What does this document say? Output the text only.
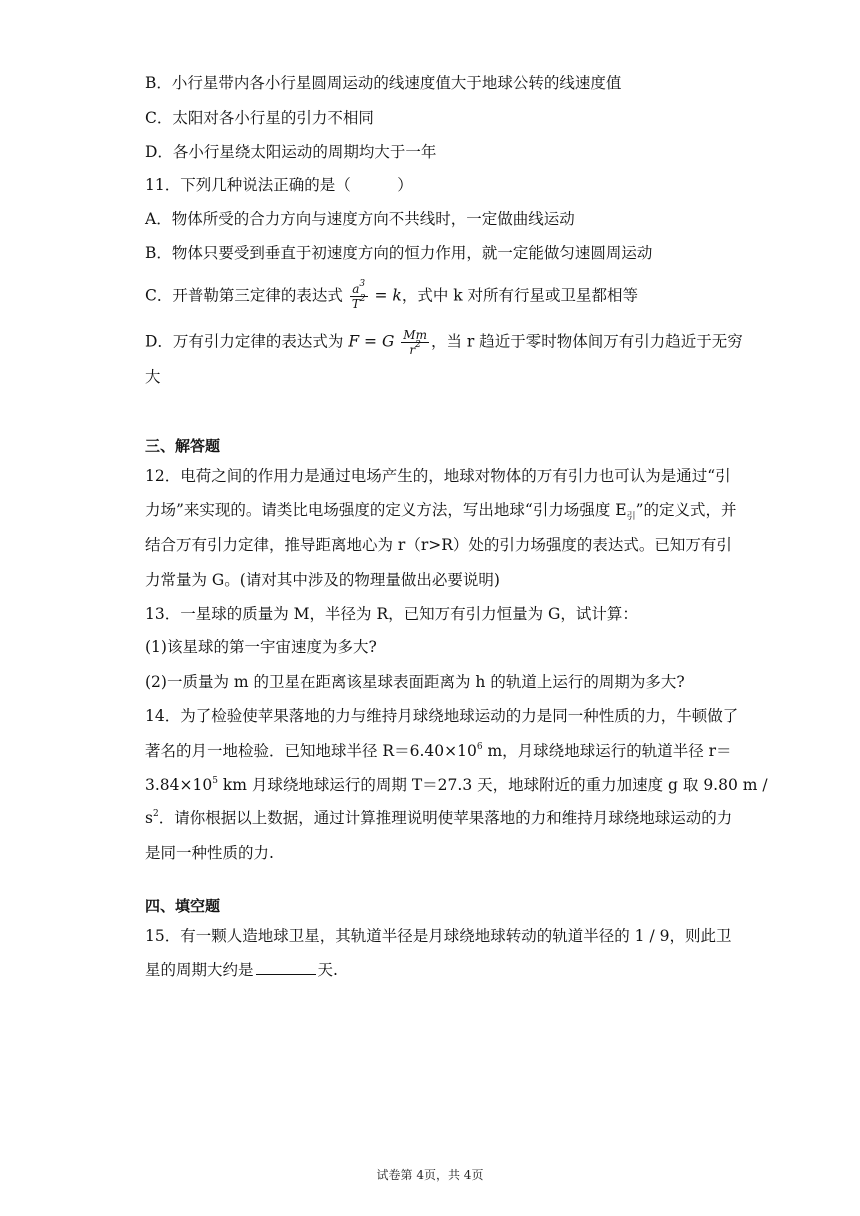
B．小行星带内各小行星圆周运动的线速度值大于地球公转的线速度值
C．太阳对各小行星的引力不相同
D．各小行星绕太阳运动的周期均大于一年
11．下列几种说法正确的是（　　　）
A．物体所受的合力方向与速度方向不共线时，一定做曲线运动
B．物体只要受到垂直于初速度方向的恒力作用，就一定能做匀速圆周运动
C．开普勒第三定律的表达式 $\frac{a^3}{T^2} = k$，式中 k 对所有行星或卫星都相等
D．万有引力定律的表达式为 F = G $\frac{Mm}{r^2}$ ，当 r 趋近于零时物体间万有引力趋近于无穷
大
三、解答题
12．电荷之间的作用力是通过电场产生的，地球对物体的万有引力也可认为是通过“引
力场”来实现的。请类比电场强度的定义方法，写出地球“引力场强度 $E_引$”的定义式，并
结合万有引力定律，推导距离地心为 r（r>R）处的引力场强度的表达式。已知万有引
力常量为 G。(请对其中涉及的物理量做出必要说明)
13．一星球的质量为 M，半径为 R，已知万有引力恒量为 G，试计算：
(1)该星球的第一宇宙速度为多大?
(2)一质量为 m 的卫星在距离该星球表面距离为 h 的轨道上运行的周期为多大?
14．为了检验使苹果落地的力与维持月球绕地球运动的力是同一种性质的力，牛顿做了
著名的月一地检验．已知地球半径 $R=6.40\times 10^6$ m，月球绕地球运行的轨道半径 r＝
$3.84\times 10^5$ km 月球绕地球运行的周期 T＝27.3 天，地球附近的重力加速度 g 取 9.80 m /
$s^2$．请你根据以上数据，通过计算推理说明使苹果落地的力和维持月球绕地球运动的力
是同一种性质的力.
四、填空题
15．有一颗人造地球卫星，其轨道半径是月球绕地球转动的轨道半径的 1 / 9，则此卫
星的周期大约是	天.
试卷第 4页，共 4页
